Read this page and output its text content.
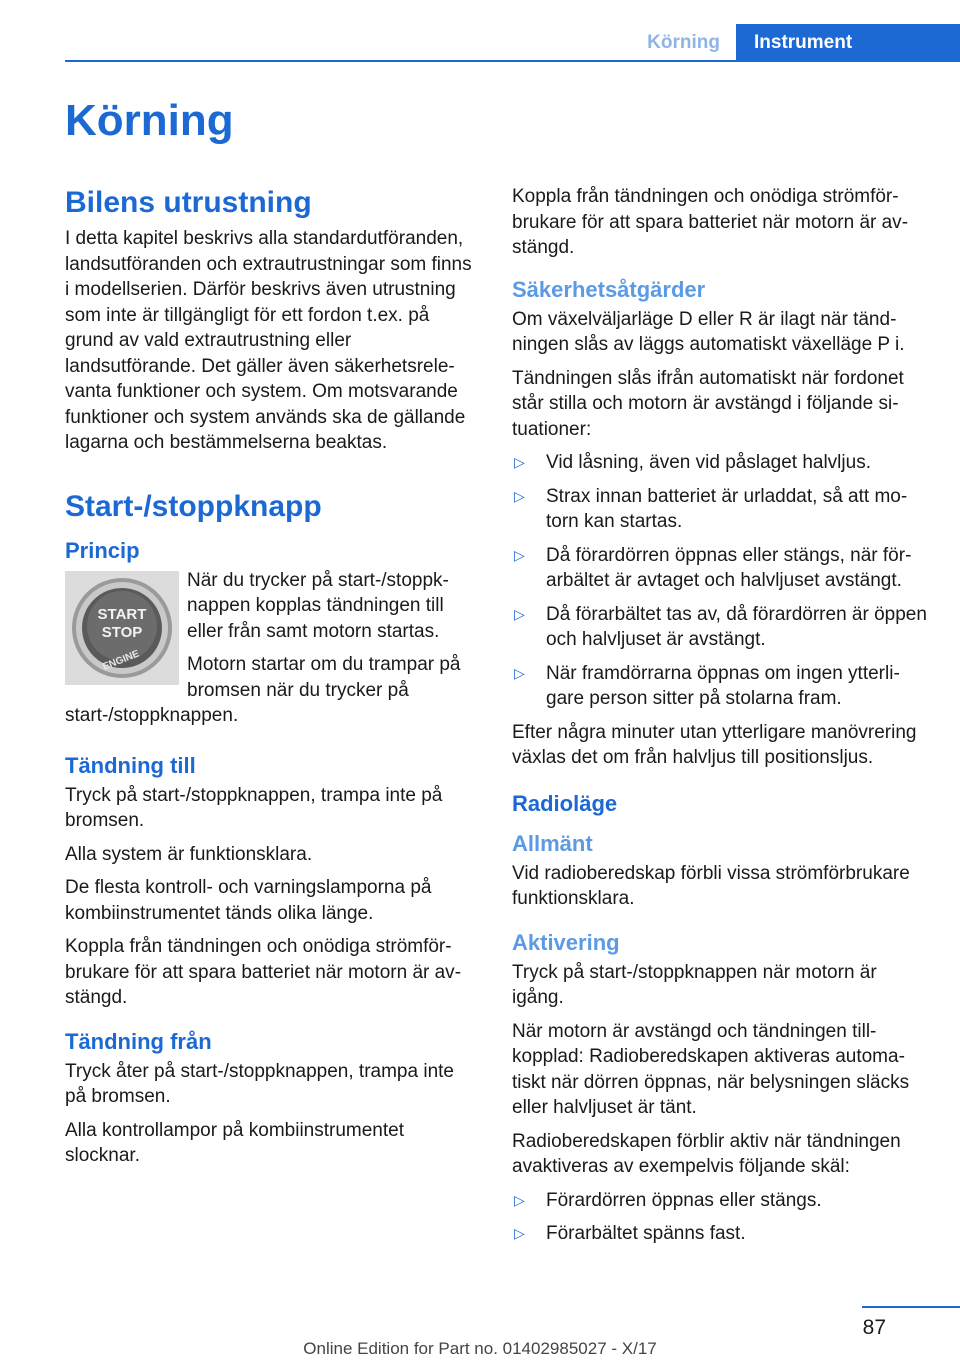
Körning	Instrument
Körning
Bilens utrustning

I detta kapitel beskrivs alla standardutföranden, landsutföranden och extrautrustningar som finns i modellserien. Därför beskrivs även utrustning som inte är tillgängligt för ett fordon t.ex. på grund av vald extrautrustning eller landsutförande. Det gäller även säkerhetsrelevanta funktioner och system. Om motsvarande funktioner och system används ska de gällande lagarna och bestämmelserna beaktas.

Start-/stoppknapp
Princip
START
STOP
ENGINE

När du trycker på start-/stoppknappen kopplas tändningen till eller från samt motorn startas.

Motorn startar om du trampar på bromsen när du trycker på start-/stoppknappen.

Tändning till

Tryck på start-/stoppknappen, trampa inte på bromsen.

Alla system är funktionsklara.

De flesta kontroll- och varningslamporna på kombiinstrumentet tänds olika länge.

Koppla från tändningen och onödiga strömförbrukare för att spara batteriet när motorn är avstängd.

Tändning från

Tryck åter på start-/stoppknappen, trampa inte på bromsen.

Alla kontrollampor på kombiinstrumentet slocknar.

Koppla från tändningen och onödiga strömförbrukare för att spara batteriet när motorn är avstängd.

Säkerhetsåtgärder

Om växelväljarläge D eller R är ilagt när tändningen slås av läggs automatiskt växelläge P i.

Tändningen slås ifrån automatiskt när fordonet står stilla och motorn är avstängd i följande situationer:

▷ Vid låsning, även vid påslaget halvljus.
▷ Strax innan batteriet är urladdat, så att motorn kan startas.
▷ Då förardörren öppnas eller stängs, när förarbältet är avtaget och halvljuset avstängt.
▷ Då förarbältet tas av, då förardörren är öppen och halvljuset är avstängt.
▷ När framdörrarna öppnas om ingen ytterligare person sitter på stolarna fram.

Efter några minuter utan ytterligare manövrering växlas det om från halvljus till positionsljus.

Radioläge
Allmänt

Vid radioberedskap förbli vissa strömförbrukare funktionsklara.

Aktivering

Tryck på start-/stoppknappen när motorn är igång.

När motorn är avstängd och tändningen tillkopplad: Radioberedskapen aktiveras automatiskt när dörren öppnas, när belysningen släcks eller halvljuset är tänt.

Radioberedskapen förblir aktiv när tändningen avaktiveras av exempelvis följande skäl:

▷ Förardörren öppnas eller stängs.
▷ Förarbältet spänns fast.
87
Online Edition for Part no. 01402985027 - X/17
